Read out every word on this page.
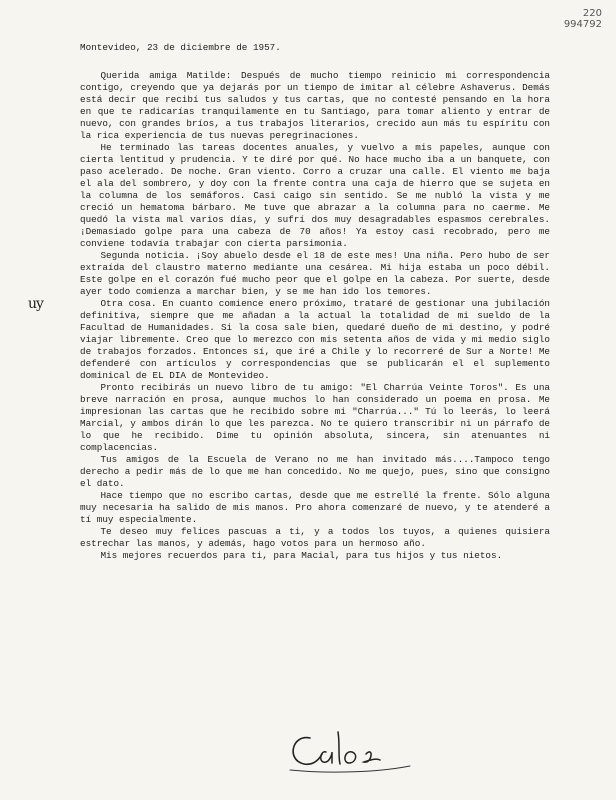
220
994792
uy

Montevideo, 23 de diciembre de 1957.

Querida amiga Matilde: Después de mucho tiempo reinicio mi correspondencia contigo, creyendo que ya dejarás por un tiempo de imitar al célebre Ashaverus. Demás está decir que recibí tus saludos y tus cartas, que no contesté pensando en la hora en que te radicarías tranquilamente en tu Santiago, para tomar aliento y entrar de nuevo, con grandes bríos, a tus trabajos literarios, crecido aun más tu espíritu con la rica experiencia de tus nuevas peregrinaciones.

He terminado las tareas docentes anuales, y vuelvo a mis papeles, aunque con cierta lentitud y prudencia. Y te diré por qué. No hace mucho iba a un banquete, con paso acelerado. De noche. Gran viento. Corro a cruzar una calle. El viento me baja el ala del sombrero, y doy con la frente contra una caja de hierro que se sujeta en la columna de los semáforos. Casi caigo sin sentido. Se me nubló la vista y me creció un hematoma bárbaro. Me tuve que abrazar a la columna para no caerme. Me quedó la vista mal varios días, y sufrí dos muy desagradables espasmos cerebrales. ¡Demasiado golpe para una cabeza de 70 años! Ya estoy casi recobrado, pero me conviene todavía trabajar con cierta parsimonia.

Segunda noticia. ¡Soy abuelo desde el 18 de este mes! Una niña. Pero hubo de ser extraída del claustro materno mediante una cesárea. Mi hija estaba un poco débil. Este golpe en el corazón fué mucho peor que el golpe en la cabeza. Por suerte, desde ayer todo comienza a marchar bien, y se me han ido los temores.

Otra cosa. En cuanto comience enero próximo, trataré de gestionar una jubilación definitiva, siempre que me añadan a la actual la totalidad de mi sueldo de la Facultad de Humanidades. Si la cosa sale bien, quedaré dueño de mi destino, y podré viajar libremente. Creo que lo merezco con mis setenta años de vida y mi medio siglo de trabajos forzados. Entonces sí, que iré a Chile y lo recorreré de Sur a Norte! Me defenderé con artículos y correspondencias que se publicarán el el suplemento dominical de EL DIA de Montevideo.

Pronto recibirás un nuevo libro de tu amigo: "El Charrúa Veinte Toros". Es una breve narración en prosa, aunque muchos lo han considerado un poema en prosa. Me impresionan las cartas que he recibido sobre mi "Charrúa..." Tú lo leerás, lo leerá Marcial, y ambos dirán lo que les parezca. No te quiero transcribir ni un párrafo de lo que he recibido. Dime tu opinión absoluta, sincera, sin atenuantes ni complacencias.

Tus amigos de la Escuela de Verano no me han invitado más....Tampoco tengo derecho a pedir más de lo que me han concedido. No me quejo, pues, sino que consigno el dato.

Hace tiempo que no escribo cartas, desde que me estrellé la frente. Sólo alguna muy necesaria ha salido de mis manos. Pro ahora comenzaré de nuevo, y te atenderé a tí muy especialmente.

Te deseo muy felices pascuas a ti, y a todos los tuyos, a quienes quisiera estrechar las manos, y además, hago votos para un hermoso año.

Mis mejores recuerdos para ti, para Macial, para tus hijos y tus nietos.
